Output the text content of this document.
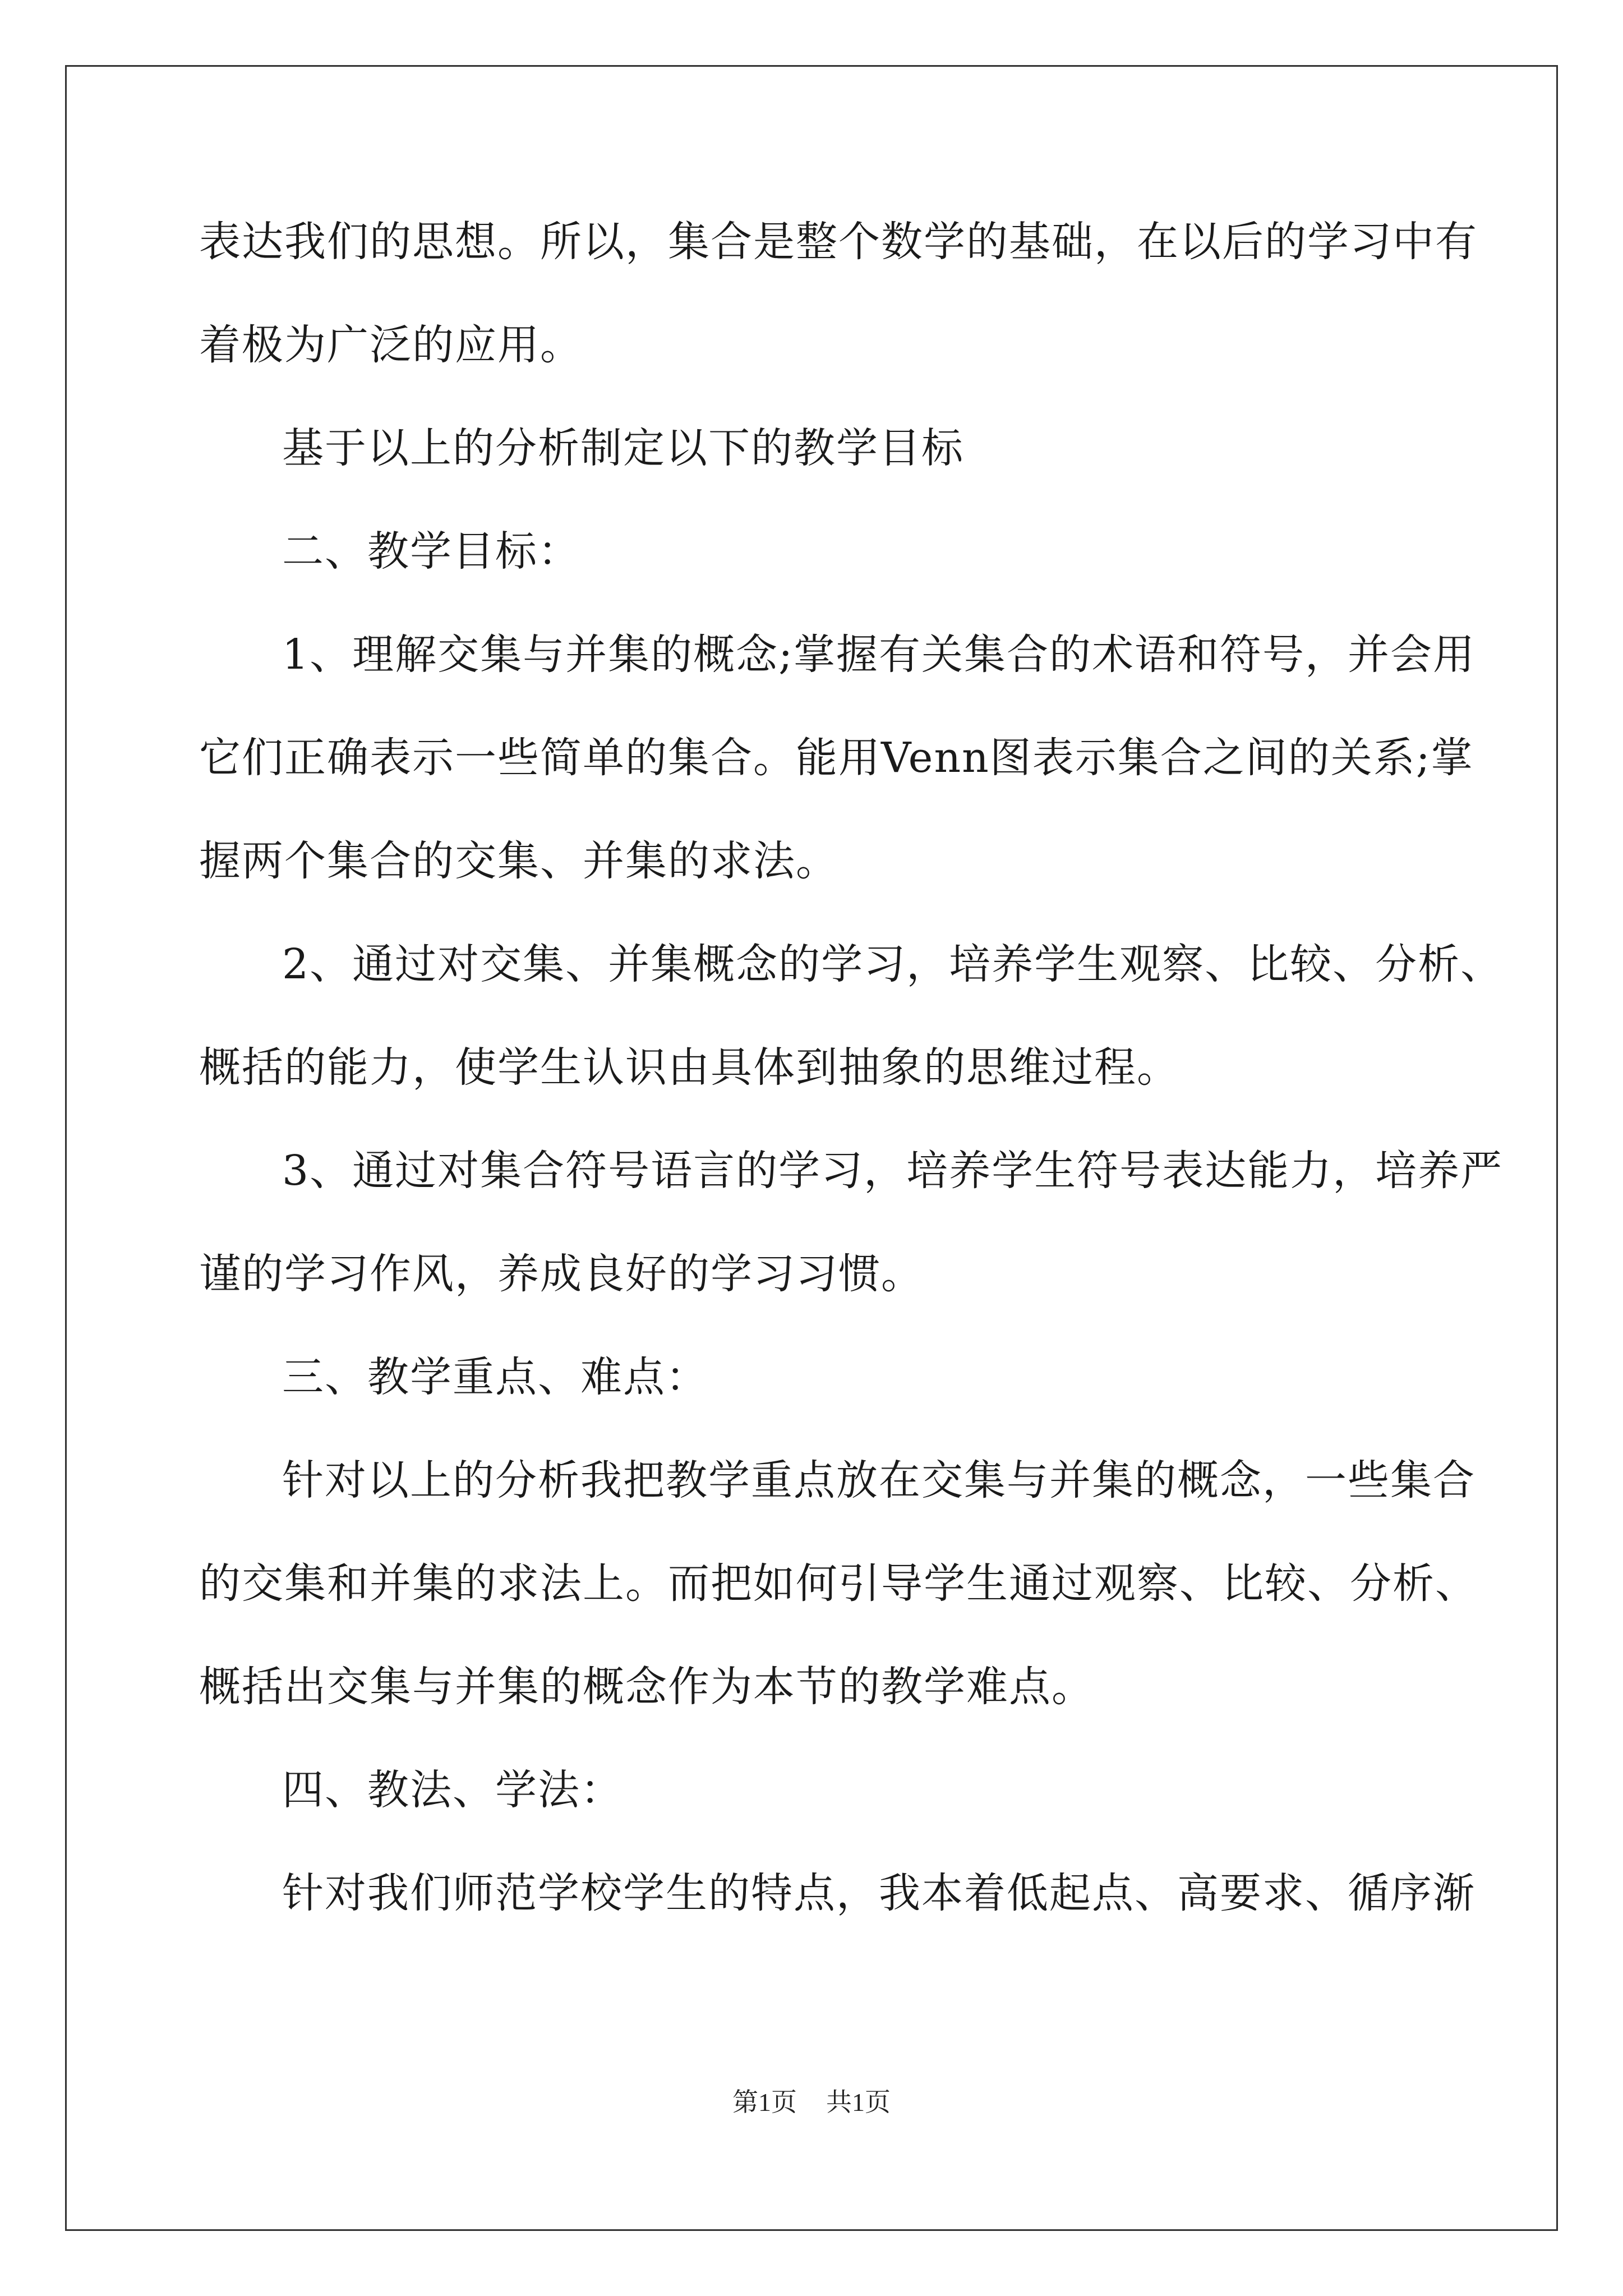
表达我们的思想。所以，集合是整个数学的基础，在以后的学习中有
着极为广泛的应用。
基于以上的分析制定以下的教学目标
二、教学目标：
1、理解交集与并集的概念;掌握有关集合的术语和符号，并会用
它们正确表示一些简单的集合。能用Venn图表示集合之间的关系;掌
握两个集合的交集、并集的求法。
2、通过对交集、并集概念的学习，培养学生观察、比较、分析、
概括的能力，使学生认识由具体到抽象的思维过程。
3、通过对集合符号语言的学习，培养学生符号表达能力，培养严
谨的学习作风，养成良好的学习习惯。
三、教学重点、难点：
针对以上的分析我把教学重点放在交集与并集的概念，一些集合
的交集和并集的求法上。而把如何引导学生通过观察、比较、分析、
概括出交集与并集的概念作为本节的教学难点。
四、教法、学法：
针对我们师范学校学生的特点，我本着低起点、高要求、循序渐
第1页 共1页
